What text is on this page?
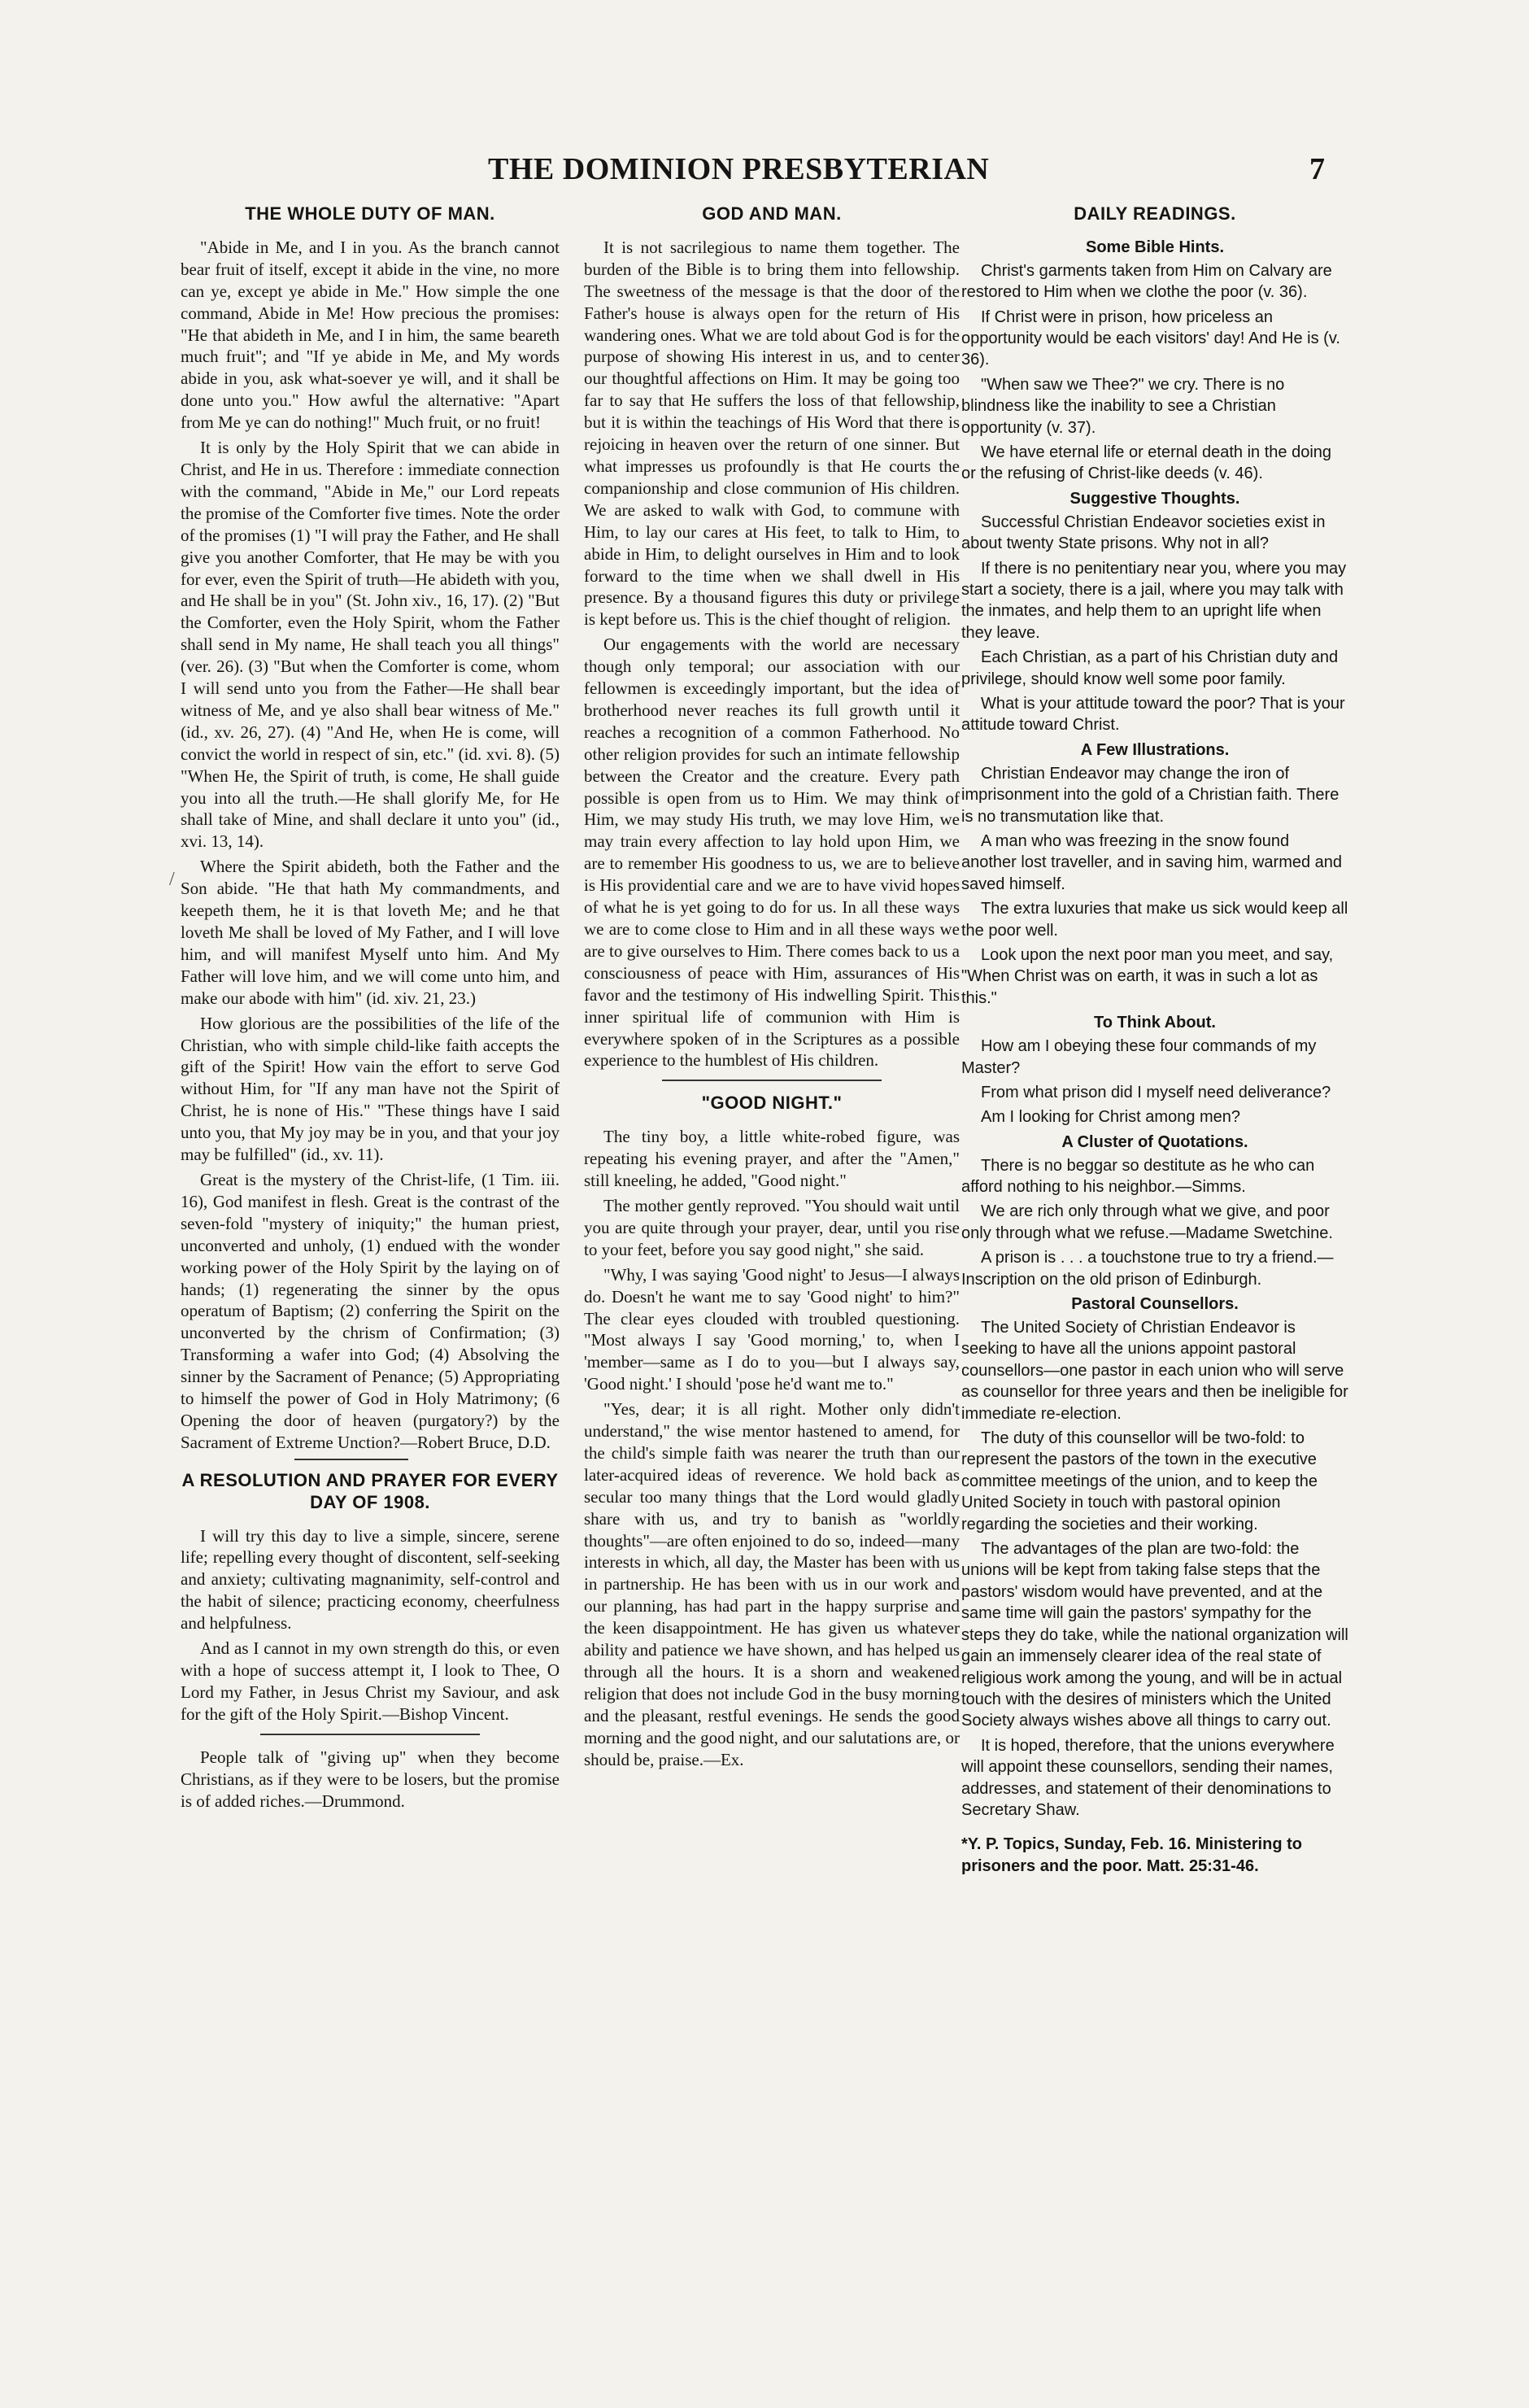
THE DOMINION PRESBYTERIAN	7
/
THE WHOLE DUTY OF MAN.

"Abide in Me, and I in you. As the branch cannot bear fruit of itself, except it abide in the vine, no more can ye, except ye abide in Me." How simple the one command, Abide in Me! How precious the promises: "He that abideth in Me, and I in him, the same beareth much fruit"; and "If ye abide in Me, and My words abide in you, ask what-soever ye will, and it shall be done unto you." How awful the alternative: "Apart from Me ye can do nothing!" Much fruit, or no fruit!

It is only by the Holy Spirit that we can abide in Christ, and He in us. Therefore : immediate connection with the command, "Abide in Me," our Lord repeats the promise of the Comforter five times. Note the order of the promises (1) "I will pray the Father, and He shall give you another Comforter, that He may be with you for ever, even the Spirit of truth—He abideth with you, and He shall be in you" (St. John xiv., 16, 17). (2) "But the Comforter, even the Holy Spirit, whom the Father shall send in My name, He shall teach you all things" (ver. 26). (3) "But when the Comforter is come, whom I will send unto you from the Father—He shall bear witness of Me, and ye also shall bear witness of Me." (id., xv. 26, 27). (4) "And He, when He is come, will convict the world in respect of sin, etc." (id. xvi. 8). (5) "When He, the Spirit of truth, is come, He shall guide you into all the truth.—He shall glorify Me, for He shall take of Mine, and shall declare it unto you" (id., xvi. 13, 14).

Where the Spirit abideth, both the Father and the Son abide. "He that hath My commandments, and keepeth them, he it is that loveth Me; and he that loveth Me shall be loved of My Father, and I will love him, and will manifest Myself unto him. And My Father will love him, and we will come unto him, and make our abode with him" (id. xiv. 21, 23.)

How glorious are the possibilities of the life of the Christian, who with simple child-like faith accepts the gift of the Spirit! How vain the effort to serve God without Him, for "If any man have not the Spirit of Christ, he is none of His." "These things have I said unto you, that My joy may be in you, and that your joy may be fulfilled" (id., xv. 11).

Great is the mystery of the Christ-life, (1 Tim. iii. 16), God manifest in flesh. Great is the contrast of the seven-fold "mystery of iniquity;" the human priest, unconverted and unholy, (1) endued with the wonder working power of the Holy Spirit by the laying on of hands; (1) regenerating the sinner by the opus operatum of Baptism; (2) conferring the Spirit on the unconverted by the chrism of Confirmation; (3) Transforming a wafer into God; (4) Absolving the sinner by the Sacrament of Penance; (5) Appropriating to himself the power of God in Holy Matrimony; (6 Opening the door of heaven (purgatory?) by the Sacrament of Extreme Unction?—Robert Bruce, D.D.

A RESOLUTION AND PRAYER FOR EVERY DAY OF 1908.

I will try this day to live a simple, sincere, serene life; repelling every thought of discontent, self-seeking and anxiety; cultivating magnanimity, self-control and the habit of silence; practicing economy, cheerfulness and helpfulness.

And as I cannot in my own strength do this, or even with a hope of success attempt it, I look to Thee, O Lord my Father, in Jesus Christ my Saviour, and ask for the gift of the Holy Spirit.—Bishop Vincent.

People talk of "giving up" when they become Christians, as if they were to be losers, but the promise is of added riches.—Drummond.

GOD AND MAN.

It is not sacrilegious to name them together. The burden of the Bible is to bring them into fellowship. The sweetness of the message is that the door of the Father's house is always open for the return of His wandering ones. What we are told about God is for the purpose of showing His interest in us, and to center our thoughtful affections on Him. It may be going too far to say that He suffers the loss of that fellowship, but it is within the teachings of His Word that there is rejoicing in heaven over the return of one sinner. But what impresses us profoundly is that He courts the companionship and close communion of His children. We are asked to walk with God, to commune with Him, to lay our cares at His feet, to talk to Him, to abide in Him, to delight ourselves in Him and to look forward to the time when we shall dwell in His presence. By a thousand figures this duty or privilege is kept before us. This is the chief thought of religion.

Our engagements with the world are necessary though only temporal; our association with our fellowmen is exceedingly important, but the idea of brotherhood never reaches its full growth until it reaches a recognition of a common Fatherhood. No other religion provides for such an intimate fellowship between the Creator and the creature. Every path possible is open from us to Him. We may think of Him, we may study His truth, we may love Him, we may train every affection to lay hold upon Him, we are to remember His goodness to us, we are to believe is His providential care and we are to have vivid hopes of what he is yet going to do for us. In all these ways we are to come close to Him and in all these ways we are to give ourselves to Him. There comes back to us a consciousness of peace with Him, assurances of His favor and the testimony of His indwelling Spirit. This inner spiritual life of communion with Him is everywhere spoken of in the Scriptures as a possible experience to the humblest of His children.

"GOOD NIGHT."

The tiny boy, a little white-robed figure, was repeating his evening prayer, and after the "Amen," still kneeling, he added, "Good night."

The mother gently reproved. "You should wait until you are quite through your prayer, dear, until you rise to your feet, before you say good night," she said.

"Why, I was saying 'Good night' to Jesus—I always do. Doesn't he want me to say 'Good night' to him?" The clear eyes clouded with troubled questioning. "Most always I say 'Good morning,' to, when I 'member—same as I do to you—but I always say, 'Good night.' I should 'pose he'd want me to."

"Yes, dear; it is all right. Mother only didn't understand," the wise mentor hastened to amend, for the child's simple faith was nearer the truth than our later-acquired ideas of reverence. We hold back as secular too many things that the Lord would gladly share with us, and try to banish as "worldly thoughts"—are often enjoined to do so, indeed—many interests in which, all day, the Master has been with us in partnership. He has been with us in our work and our planning, has had part in the happy surprise and the keen disappointment. He has given us whatever ability and patience we have shown, and has helped us through all the hours. It is a shorn and weakened religion that does not include God in the busy morning and the pleasant, restful evenings. He sends the good morning and the good night, and our salutations are, or should be, praise.—Ex.

DAILY READINGS.
Some Bible Hints.

Christ's garments taken from Him on Calvary are restored to Him when we clothe the poor (v. 36).

If Christ were in prison, how priceless an opportunity would be each visitors' day! And He is (v. 36).

"When saw we Thee?" we cry. There is no blindness like the inability to see a Christian opportunity (v. 37).

We have eternal life or eternal death in the doing or the refusing of Christ-like deeds (v. 46).

Suggestive Thoughts.

Successful Christian Endeavor societies exist in about twenty State prisons. Why not in all?

If there is no penitentiary near you, where you may start a society, there is a jail, where you may talk with the inmates, and help them to an upright life when they leave.

Each Christian, as a part of his Christian duty and privilege, should know well some poor family.

What is your attitude toward the poor? That is your attitude toward Christ.

A Few Illustrations.

Christian Endeavor may change the iron of imprisonment into the gold of a Christian faith. There is no transmutation like that.

A man who was freezing in the snow found another lost traveller, and in saving him, warmed and saved himself.

The extra luxuries that make us sick would keep all the poor well.

Look upon the next poor man you meet, and say, "When Christ was on earth, it was in such a lot as this."

To Think About.

How am I obeying these four commands of my Master?

From what prison did I myself need deliverance?

Am I looking for Christ among men?

A Cluster of Quotations.

There is no beggar so destitute as he who can afford nothing to his neighbor.—Simms.

We are rich only through what we give, and poor only through what we refuse.—Madame Swetchine.

A prison is . . . a touchstone true to try a friend.—Inscription on the old prison of Edinburgh.

Pastoral Counsellors.

The United Society of Christian Endeavor is seeking to have all the unions appoint pastoral counsellors—one pastor in each union who will serve as counsellor for three years and then be ineligible for immediate re-election.

The duty of this counsellor will be two-fold: to represent the pastors of the town in the executive committee meetings of the union, and to keep the United Society in touch with pastoral opinion regarding the societies and their working.

The advantages of the plan are two-fold: the unions will be kept from taking false steps that the pastors' wisdom would have prevented, and at the same time will gain the pastors' sympathy for the steps they do take, while the national organization will gain an immensely clearer idea of the real state of religious work among the young, and will be in actual touch with the desires of ministers which the United Society always wishes above all things to carry out.

It is hoped, therefore, that the unions everywhere will appoint these counsellors, sending their names, addresses, and statement of their denominations to Secretary Shaw.

*Y. P. Topics, Sunday, Feb. 16. Ministering to prisoners and the poor. Matt. 25:31-46.
